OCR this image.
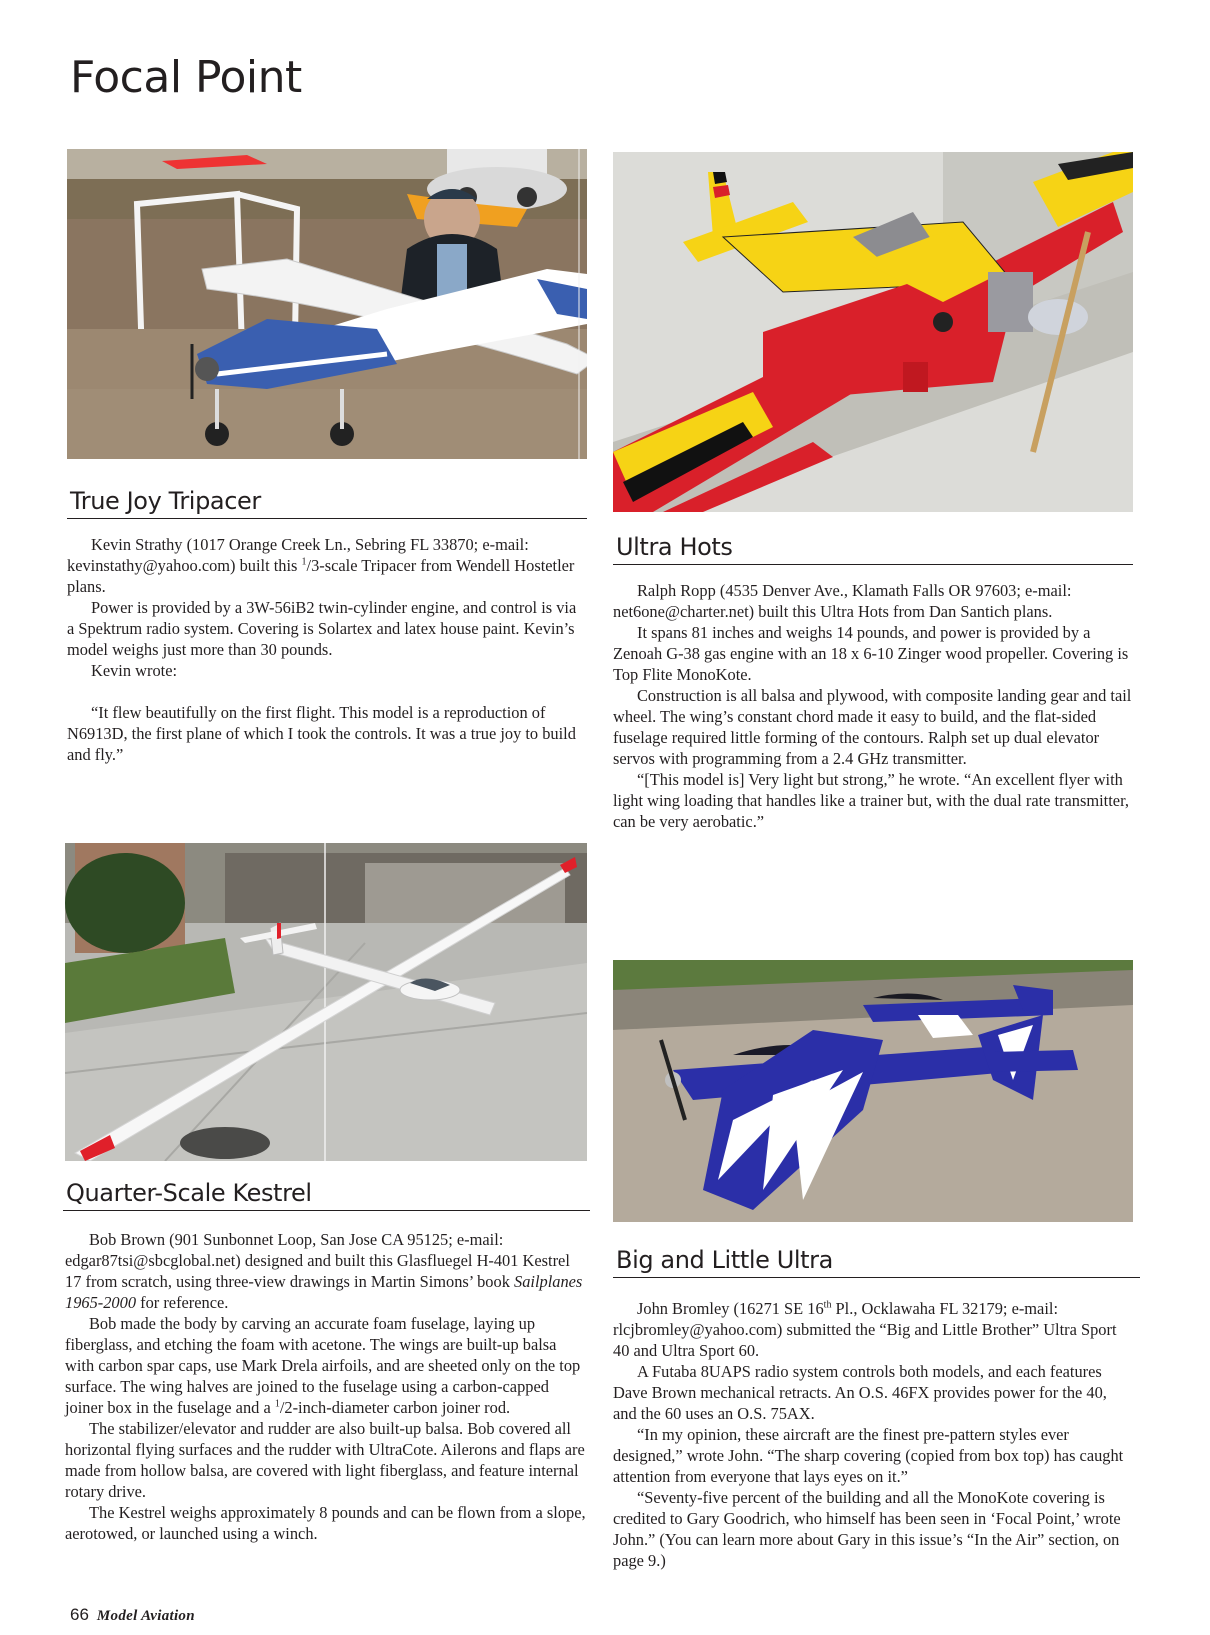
Focal Point
True Joy Tripacer

Kevin Strathy (1017 Orange Creek Ln., Sebring FL 33870; e-mail: kevinstathy@yahoo.com) built this $^1$/3-scale Tripacer from Wendell Hostetler plans.

Power is provided by a 3W-56iB2 twin-cylinder engine, and control is via a Spektrum radio system. Covering is Solartex and latex house paint. Kevin’s model weighs just more than 30 pounds.

Kevin wrote:

“It flew beautifully on the first flight. This model is a reproduction of N6913D, the first plane of which I took the controls. It was a true joy to build and fly.”

Ultra Hots

Ralph Ropp (4535 Denver Ave., Klamath Falls OR 97603; e-mail: net6one@charter.net) built this Ultra Hots from Dan Santich plans.

It spans 81 inches and weighs 14 pounds, and power is provided by a Zenoah G-38 gas engine with an 18 x 6-10 Zinger wood propeller. Covering is Top Flite MonoKote.

Construction is all balsa and plywood, with composite landing gear and tail wheel. The wing’s constant chord made it easy to build, and the flat-sided fuselage required little forming of the contours. Ralph set up dual elevator servos with programming from a 2.4 GHz transmitter.

“[This model is] Very light but strong,” he wrote. “An excellent flyer with light wing loading that handles like a trainer but, with the dual rate transmitter, can be very aerobatic.”

Quarter-Scale Kestrel

Bob Brown (901 Sunbonnet Loop, San Jose CA 95125; e-mail: edgar87tsi@sbcglobal.net) designed and built this Glasfluegel H-401 Kestrel 17 from scratch, using three-view drawings in Martin Simons’ book Sailplanes 1965-2000 for reference.

Bob made the body by carving an accurate foam fuselage, laying up fiberglass, and etching the foam with acetone. The wings are built-up balsa with carbon spar caps, use Mark Drela airfoils, and are sheeted only on the top surface. The wing halves are joined to the fuselage using a carbon-capped joiner box in the fuselage and a $^1$/2-inch-diameter carbon joiner rod.

The stabilizer/elevator and rudder are also built-up balsa. Bob covered all horizontal flying surfaces and the rudder with UltraCote. Ailerons and flaps are made from hollow balsa, are covered with light fiberglass, and feature internal rotary drive.

The Kestrel weighs approximately 8 pounds and can be flown from a slope, aerotowed, or launched using a winch.

Big and Little Ultra

John Bromley (16271 SE 16th Pl., Ocklawaha FL 32179; e-mail: rlcjbromley@yahoo.com) submitted the “Big and Little Brother” Ultra Sport 40 and Ultra Sport 60.

A Futaba 8UAPS radio system controls both models, and each features Dave Brown mechanical retracts. An O.S. 46FX provides power for the 40, and the 60 uses an O.S. 75AX.

“In my opinion, these aircraft are the finest pre-pattern styles ever designed,” wrote John. “The sharp covering (copied from box top) has caught attention from everyone that lays eyes on it.”

“Seventy-five percent of the building and all the MonoKote covering is credited to Gary Goodrich, who himself has been seen in ‘Focal Point,’ wrote John.” (You can learn more about Gary in this issue’s “In the Air” section, on page 9.)

66 Model Aviation
